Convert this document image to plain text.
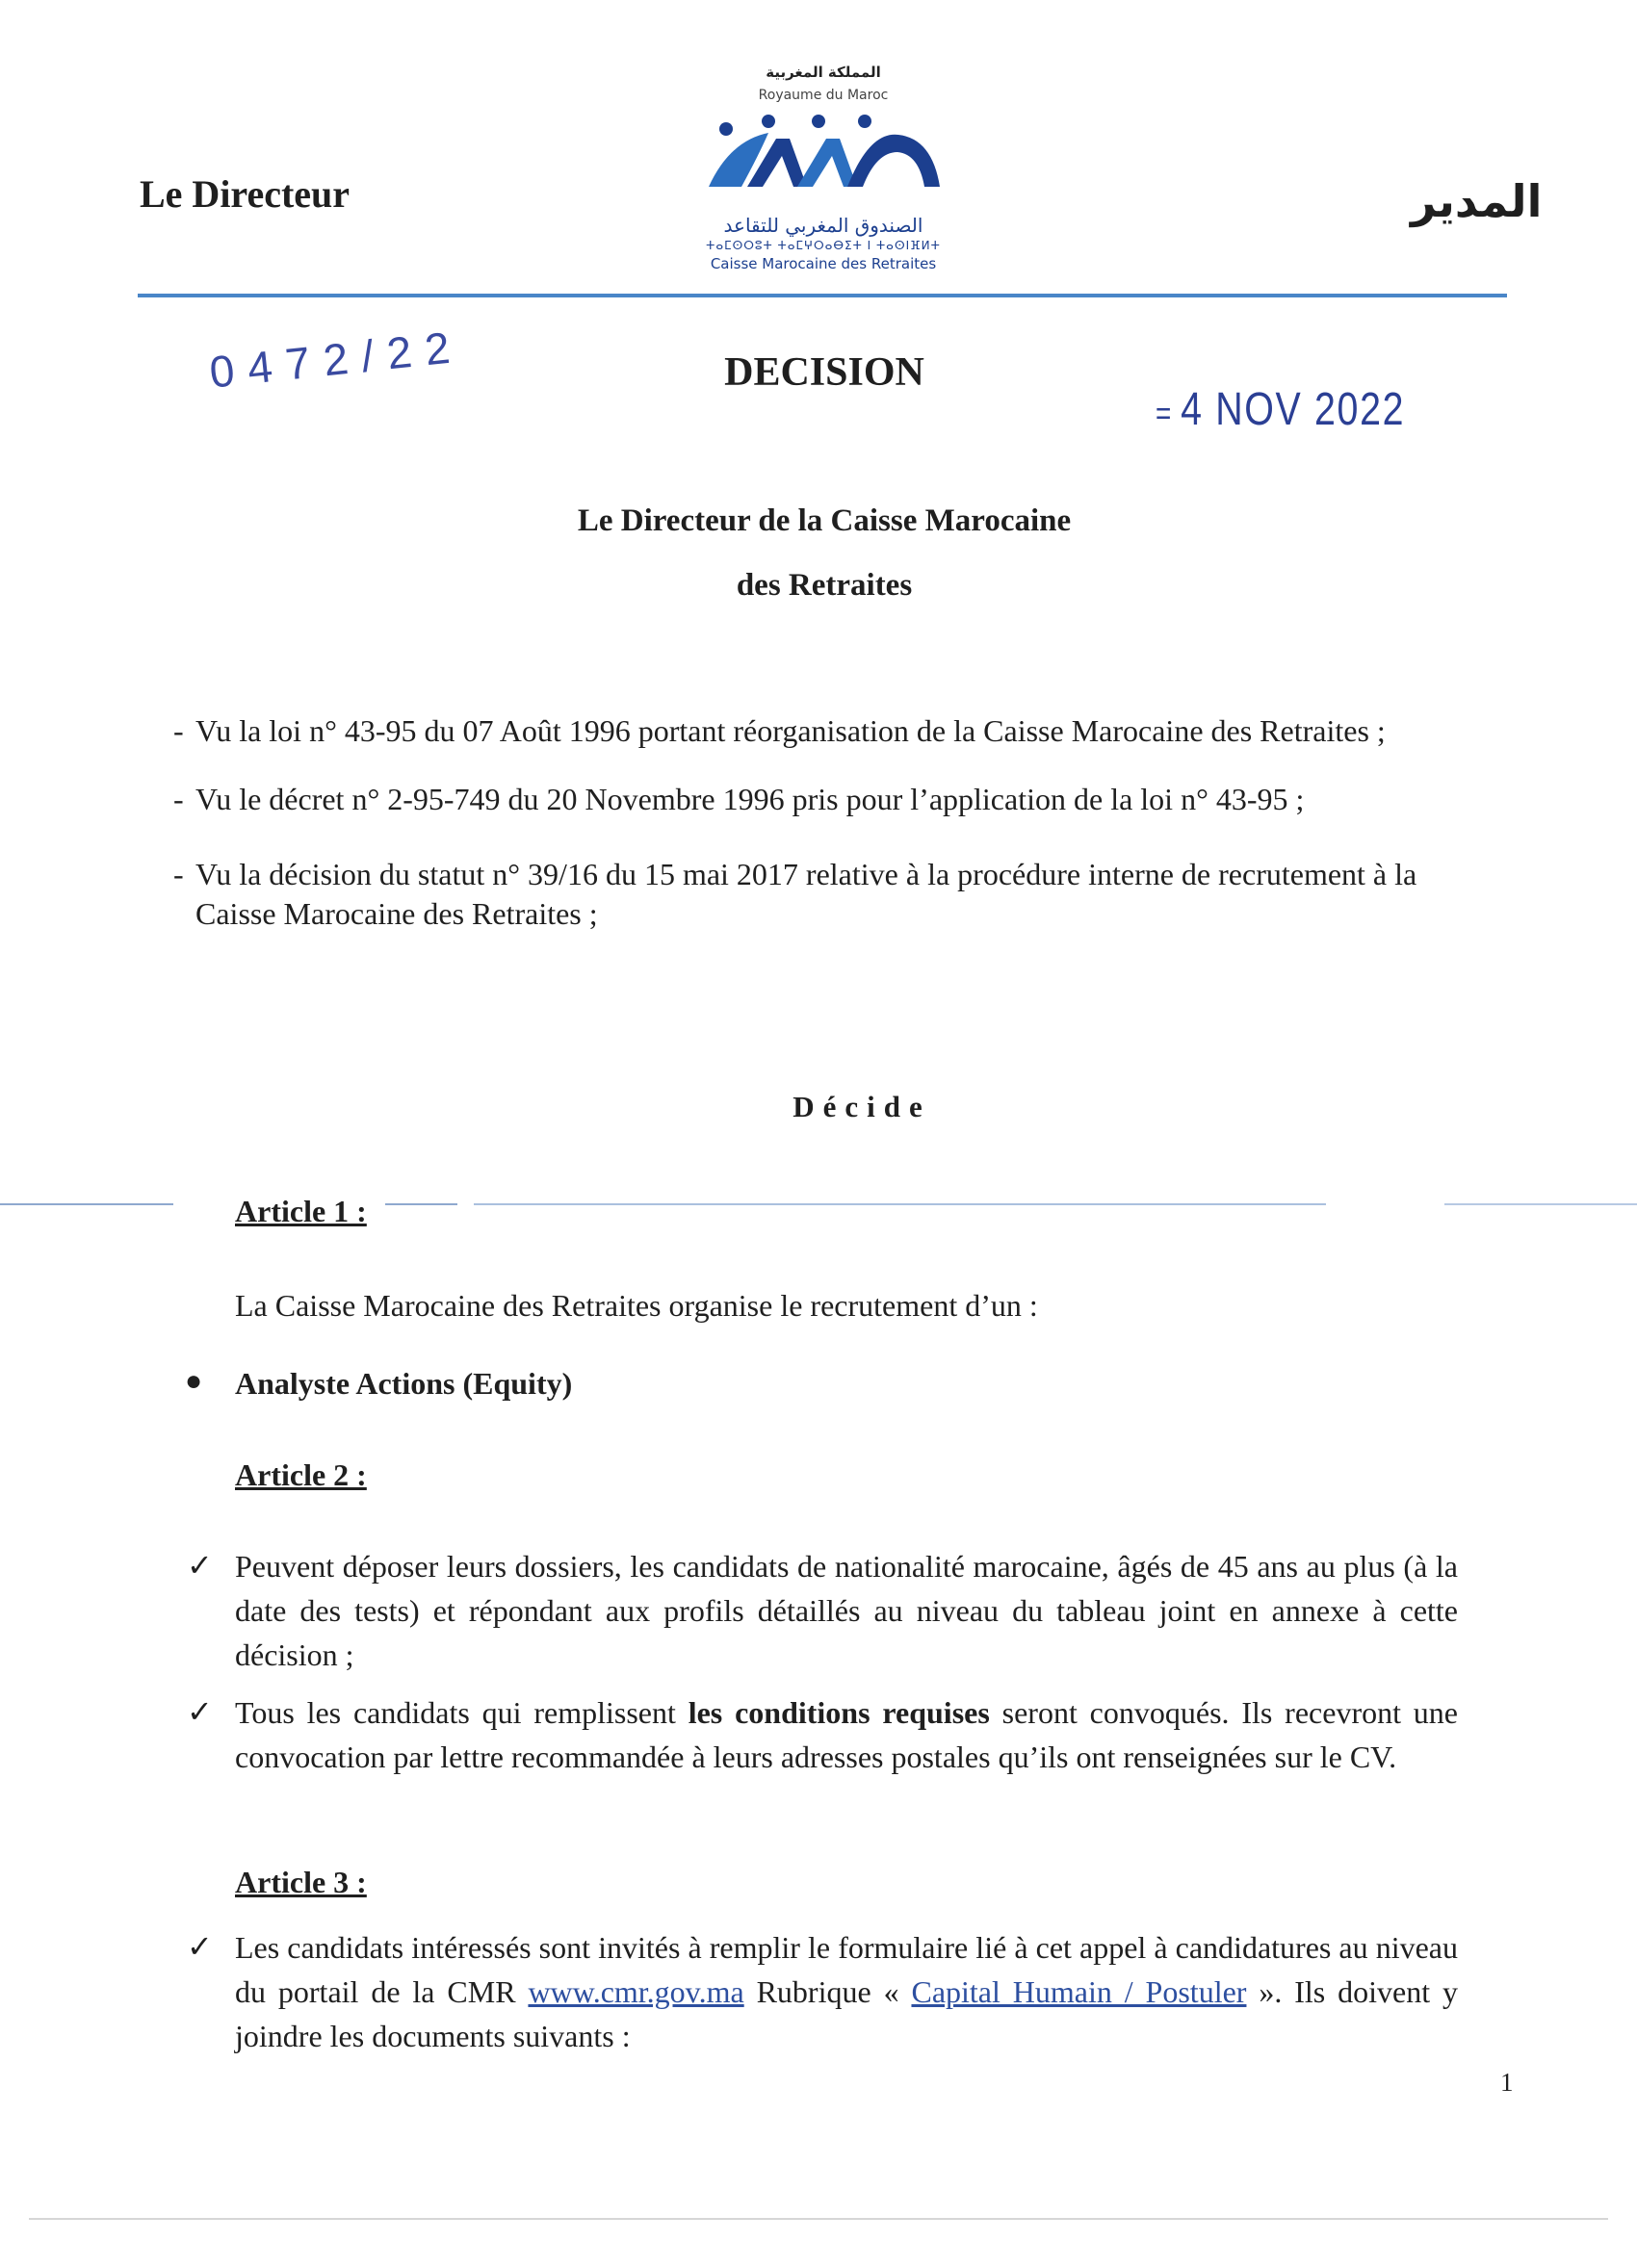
Le Directeur	المدير
المملكة المغربية
Royaume du Maroc
الصندوق المغربي للتقاعد
ⵜⴰⵎⵙⵔⵓⵜ ⵜⴰⵎⵖⵔⴰⴱⵉⵜ ⵏ ⵜⴰⵙⵏⴼⵍⵜ
Caisse Marocaine des Retraites
0472/22
= 4 NOV 2022
DECISION
Le Directeur de la Caisse Marocaine
des Retraites
- Vu la loi n° 43-95 du 07 Août 1996 portant réorganisation de la Caisse Marocaine des Retraites ;
- Vu le décret n° 2-95-749 du 20 Novembre 1996 pris pour l’application de la loi n° 43-95 ;
- Vu la décision du statut n° 39/16 du 15 mai 2017 relative à la procédure interne de recrutement à la Caisse Marocaine des Retraites ;
Décide
Article 1 :
La Caisse Marocaine des Retraites organise le recrutement d’un :
● Analyste Actions (Equity)
Article 2 :
✓ Peuvent déposer leurs dossiers, les candidats de nationalité marocaine, âgés de 45 ans au plus (à la date des tests) et répondant aux profils détaillés au niveau du tableau joint en annexe à cette décision ;
✓ Tous les candidats qui remplissent les conditions requises seront convoqués. Ils recevront une convocation par lettre recommandée à leurs adresses postales qu’ils ont renseignées sur le CV.
Article 3 :
✓ Les candidats intéressés sont invités à remplir le formulaire lié à cet appel à candidatures au niveau du portail de la CMR www.cmr.gov.ma Rubrique « Capital Humain / Postuler ». Ils doivent y joindre les documents suivants :
1
